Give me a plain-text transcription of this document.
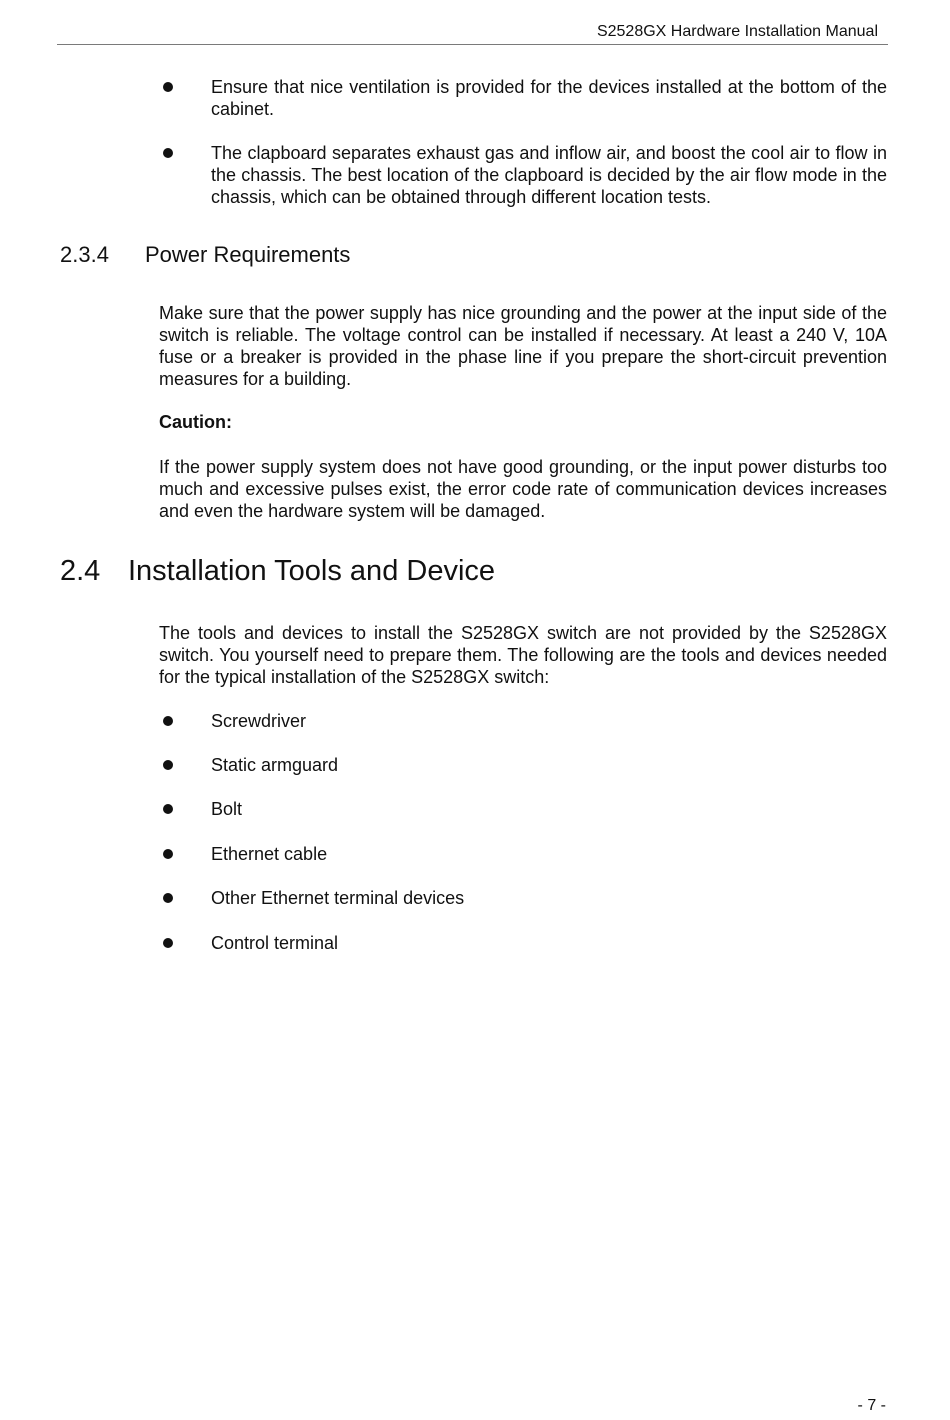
S2528GX Hardware Installation Manual
Ensure that nice ventilation is provided for the devices installed at the bottom of the cabinet.
The clapboard separates exhaust gas and inflow air, and boost the cool air to flow in the chassis. The best location of the clapboard is decided by the air flow mode in the chassis, which can be obtained through different location tests.
2.3.4 Power Requirements
Make sure that the power supply has nice grounding and the power at the input side of the switch is reliable. The voltage control can be installed if necessary. At least a 240 V, 10A fuse or a breaker is provided in the phase line if you prepare the short-circuit prevention measures for a building.
Caution:
If the power supply system does not have good grounding, or the input power disturbs too much and excessive pulses exist, the error code rate of communication devices increases and even the hardware system will be damaged.
2.4 Installation Tools and Device
The tools and devices to install the S2528GX switch are not provided by the S2528GX switch. You yourself need to prepare them. The following are the tools and devices needed for the typical installation of the S2528GX switch:
Screwdriver
Static armguard
Bolt
Ethernet cable
Other Ethernet terminal devices
Control terminal
- 7 -
